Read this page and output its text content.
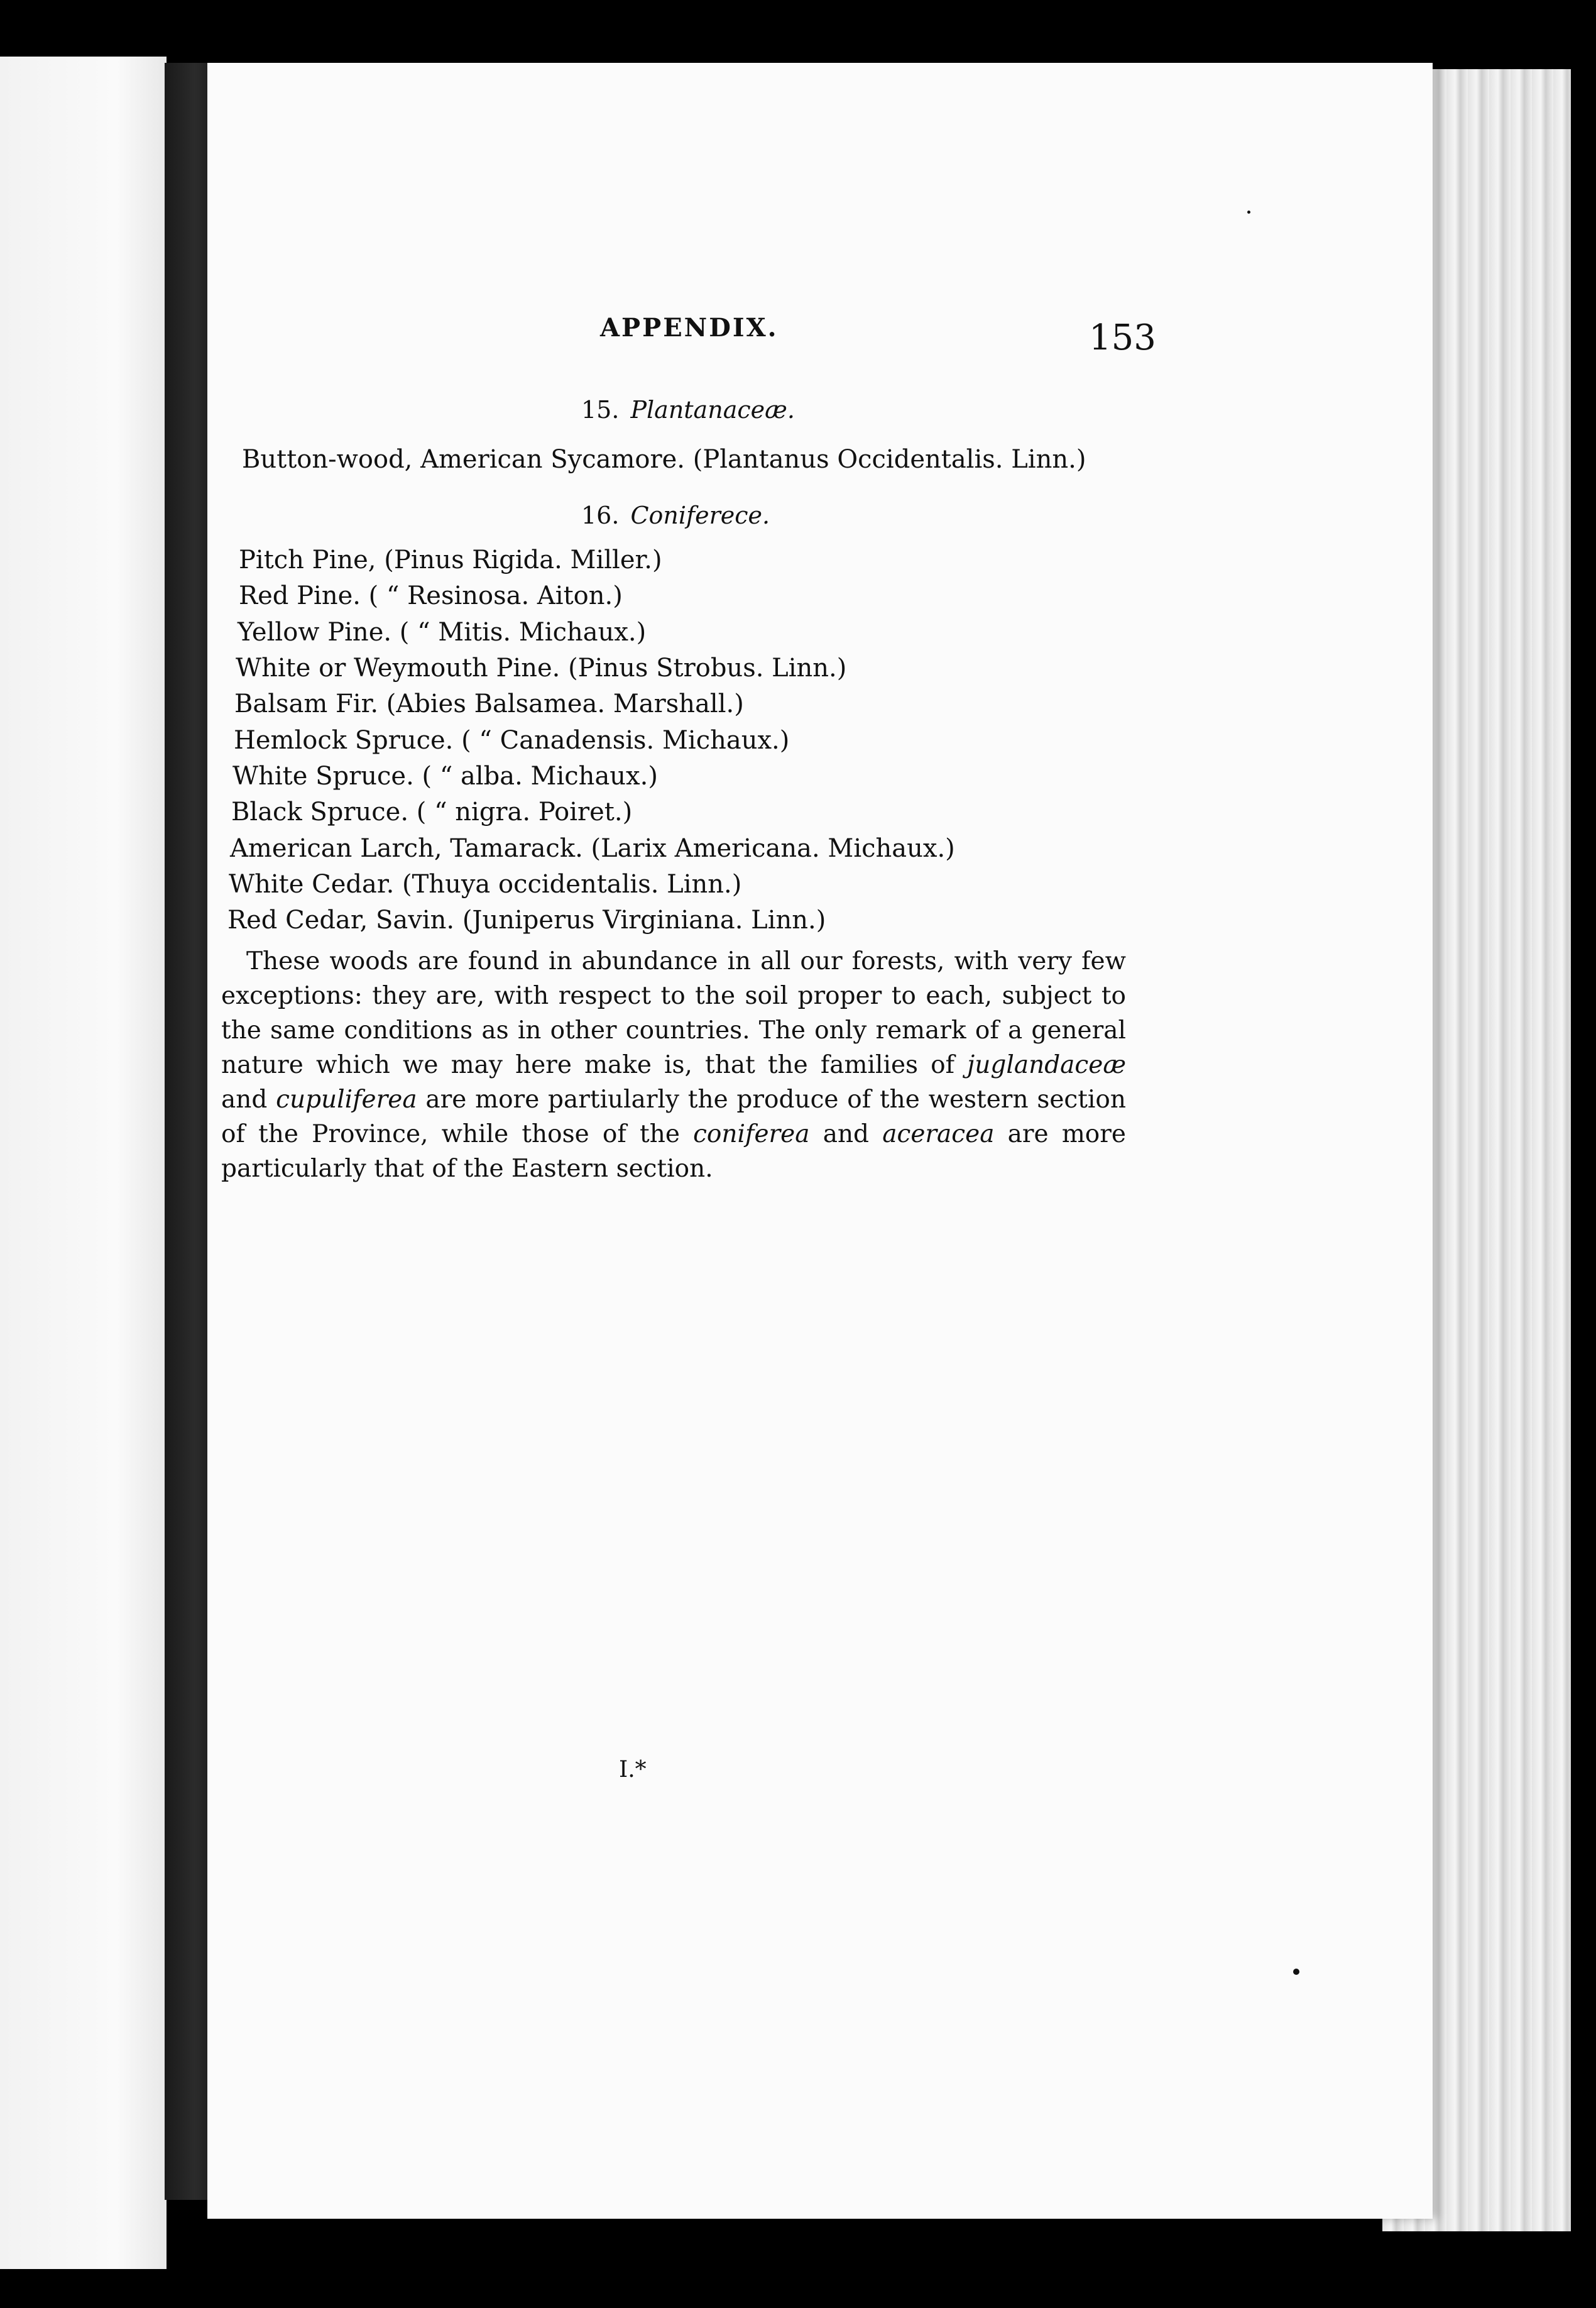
APPENDIX.	153
15. Plantanaceæ.
Button-wood, American Sycamore. (Plantanus Occidentalis. Linn.)
16. Coniferece.
Pitch Pine, (Pinus Rigida. Miller.)
Red Pine. ( “ Resinosa. Aiton.)
Yellow Pine. ( “ Mitis. Michaux.)
White or Weymouth Pine. (Pinus Strobus. Linn.)
Balsam Fir. (Abies Balsamea. Marshall.)
Hemlock Spruce. ( “ Canadensis. Michaux.)
White Spruce. ( “ alba. Michaux.)
Black Spruce. ( “ nigra. Poiret.)
American Larch, Tamarack. (Larix Americana. Michaux.)
White Cedar. (Thuya occidentalis. Linn.)
Red Cedar, Savin. (Juniperus Virginiana. Linn.)

These woods are found in abundance in all our forests, with very few exceptions: they are, with respect to the soil proper to each, subject to the same conditions as in other countries. The only remark of a general nature which we may here make is, that the families of juglandaceæ and cupuliferea are more partiularly the produce of the western section of the Province, while those of the coniferea and aceracea are more particularly that of the Eastern section.

I.*
